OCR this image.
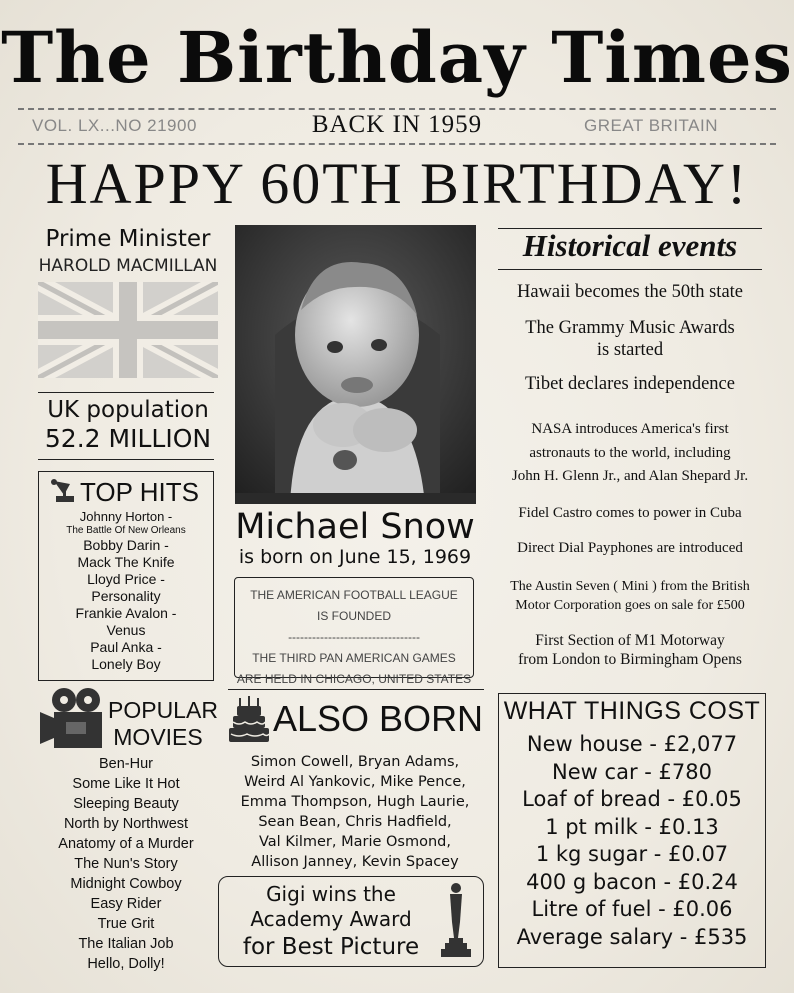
The Birthday Times
VOL. LX...NO 21900	BACK IN 1959	GREAT BRITAIN
HAPPY 60TH BIRTHDAY!
Prime Minister
HAROLD MACMILLAN
UK population
52.2 MILLION
TOP HITS
Johnny Horton -
The Battle Of New Orleans
Bobby Darin -
Mack The Knife
Lloyd Price -
Personality
Frankie Avalon -
Venus
Paul Anka -
Lonely Boy
POPULAR
MOVIES
Ben-Hur
Some Like It Hot
Sleeping Beauty
North by Northwest
Anatomy of a Murder
The Nun's Story
Midnight Cowboy
Easy Rider
True Grit
The Italian Job
Hello, Dolly!
Michael Snow
is born on June 15, 1969
THE AMERICAN FOOTBALL LEAGUE
IS FOUNDED
---------------------------------
THE THIRD PAN AMERICAN GAMES
ARE HELD IN CHICAGO, UNITED STATES
ALSO BORN
Simon Cowell, Bryan Adams,
Weird Al Yankovic, Mike Pence,
Emma Thompson, Hugh Laurie,
Sean Bean, Chris Hadfield,
Val Kilmer, Marie Osmond,
Allison Janney, Kevin Spacey
Gigi wins the
Academy Award
for Best Picture
Historical events
Hawaii becomes the 50th state
The Grammy Music Awards
is started
Tibet declares independence
NASA introduces America's first
astronauts to the world, including
John H. Glenn Jr., and Alan Shepard Jr.
Fidel Castro comes to power in Cuba
Direct Dial Payphones are introduced
The Austin Seven ( Mini ) from the British
Motor Corporation goes on sale for £500
First Section of M1 Motorway
from London to Birmingham Opens
WHAT THINGS COST
New house - £2,077
New car - £780
Loaf of bread - £0.05
1 pt milk - £0.13
1 kg sugar - £0.07
400 g bacon - £0.24
Litre of fuel - £0.06
Average salary - £535
